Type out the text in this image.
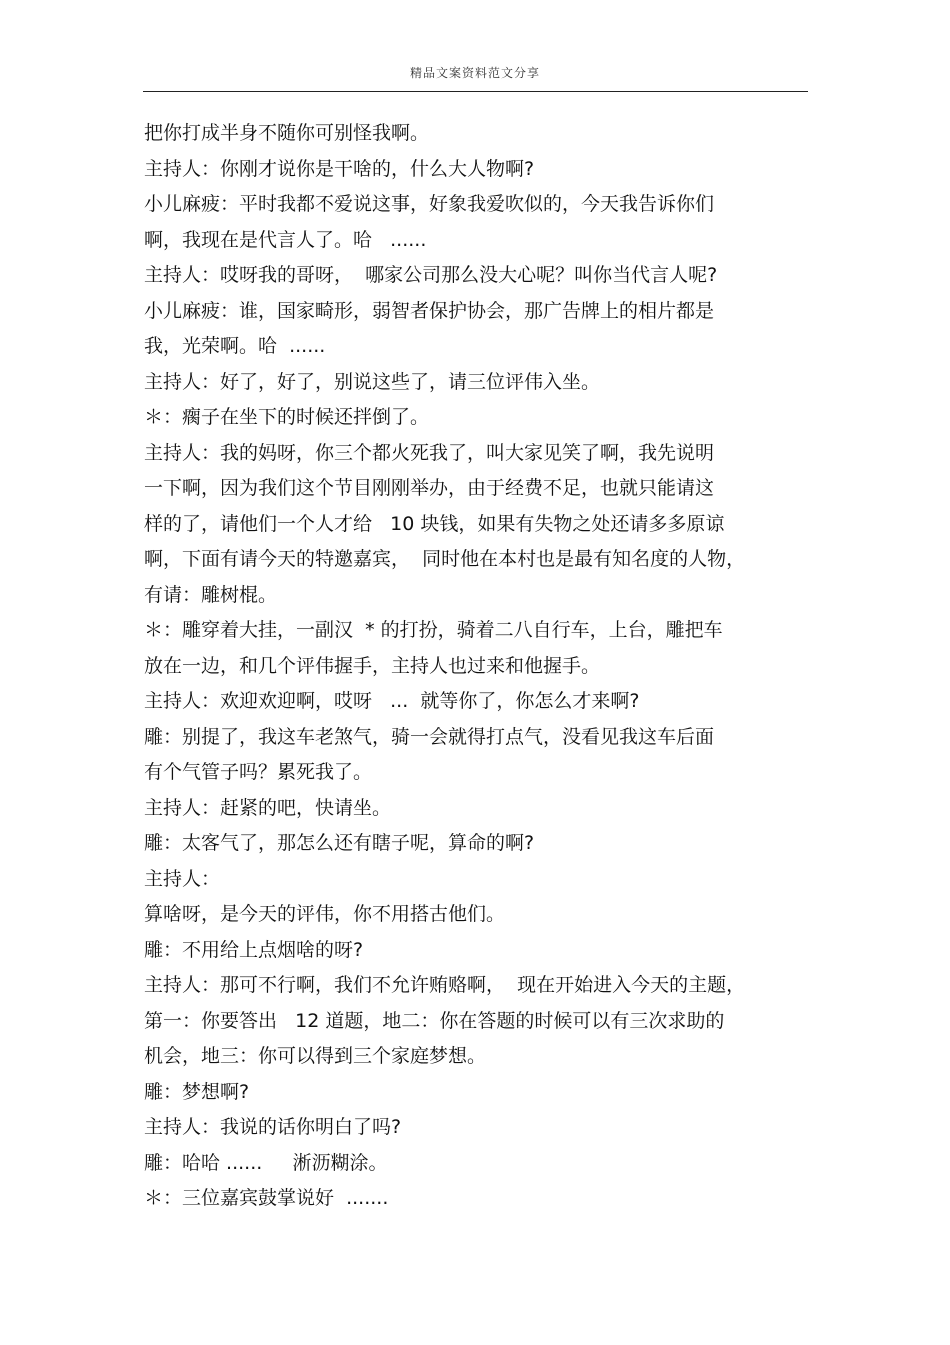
精品文案资料范文分享
把你打成半身不随你可别怪我啊。
主持人：你刚才说你是干啥的，什么大人物啊?
小儿麻疲：平时我都不爱说这事，好象我爱吹似的，今天我告诉你们
啊，我现在是代言人了。哈   ......
主持人：哎呀我的哥呀，  哪家公司那么没大心呢？叫你当代言人呢?
小儿麻疲：谁，国家畸形，弱智者保护协会，那广告牌上的相片都是
我，光荣啊。哈  ......
主持人：好了，好了，别说这些了，请三位评伟入坐。
＊：瘸子在坐下的时候还拌倒了。
主持人：我的妈呀，你三个都火死我了，叫大家见笑了啊，我先说明
一下啊，因为我们这个节目刚刚举办，由于经费不足，也就只能请这
样的了，请他们一个人才给   10 块钱，如果有失物之处还请多多原谅
啊，下面有请今天的特邀嘉宾，  同时他在本村也是最有知名度的人物，
有请：雕树棍。
＊：雕穿着大挂，一副汉  * 的打扮，骑着二八自行车，上台，雕把车
放在一边，和几个评伟握手，主持人也过来和他握手。
主持人：欢迎欢迎啊，哎呀   ...  就等你了，你怎么才来啊?
雕：别提了，我这车老煞气，骑一会就得打点气，没看见我这车后面
有个气管子吗？累死我了。
主持人：赶紧的吧，快请坐。
雕：太客气了，那怎么还有瞎子呢，算命的啊?
主持人：
算啥呀，是今天的评伟，你不用搭古他们。
雕：不用给上点烟啥的呀?
主持人：那可不行啊，我们不允许贿赂啊，  现在开始进入今天的主题，
第一：你要答出   12 道题，地二：你在答题的时候可以有三次求助的
机会，地三：你可以得到三个家庭梦想。
雕：梦想啊?
主持人：我说的话你明白了吗?
雕：哈哈 ......     淅沥糊涂。
＊：三位嘉宾鼓掌说好  .......
